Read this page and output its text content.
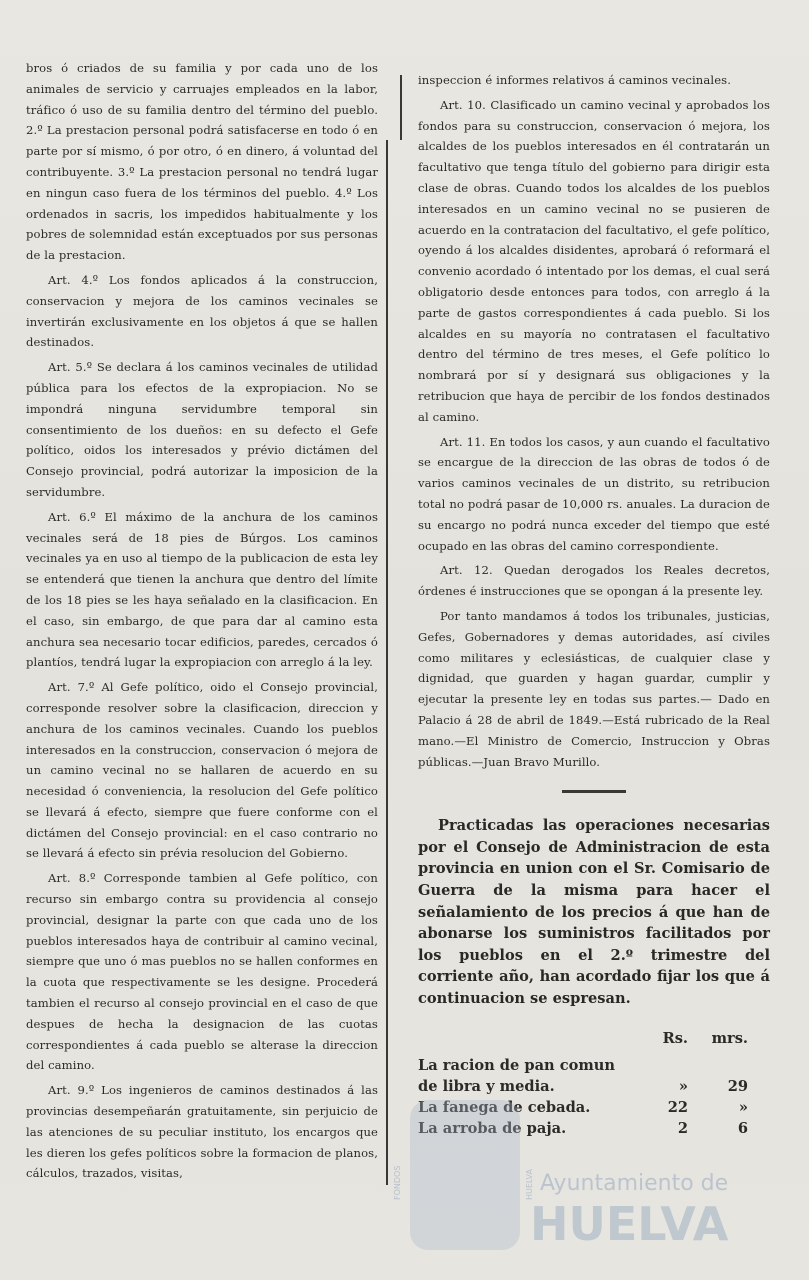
bros ó criados de su familia y por cada uno de los animales de servicio y carruajes empleados en la labor, tráfico ó uso de su familia dentro del término del pueblo. 2.º La prestacion personal podrá satisfacerse en todo ó en parte por sí mismo, ó por otro, ó en dinero, á voluntad del contribuyente. 3.º La prestacion personal no tendrá lugar en ningun caso fuera de los términos del pueblo. 4.º Los ordenados in sacris, los impedidos habitualmente y los pobres de solemnidad están exceptuados por sus personas de la prestacion.

Art. 4.º Los fondos aplicados á la construccion, conservacion y mejora de los caminos vecinales se invertirán exclusivamente en los objetos á que se hallen destinados.

Art. 5.º Se declara á los caminos vecinales de utilidad pública para los efectos de la expropiacion. No se impondrá ninguna servidumbre temporal sin consentimiento de los dueños: en su defecto el Gefe político, oidos los interesados y prévio dictámen del Consejo provincial, podrá autorizar la imposicion de la servidumbre.

Art. 6.º El máximo de la anchura de los caminos vecinales será de 18 pies de Búrgos. Los caminos vecinales ya en uso al tiempo de la publicacion de esta ley se entenderá que tienen la anchura que dentro del límite de los 18 pies se les haya señalado en la clasificacion. En el caso, sin embargo, de que para dar al camino esta anchura sea necesario tocar edificios, paredes, cercados ó plantíos, tendrá lugar la expropiacion con arreglo á la ley.

Art. 7.º Al Gefe político, oido el Consejo provincial, corresponde resolver sobre la clasificacion, direccion y anchura de los caminos vecinales. Cuando los pueblos interesados en la construccion, conservacion ó mejora de un camino vecinal no se hallaren de acuerdo en su necesidad ó conveniencia, la resolucion del Gefe político se llevará á efecto, siempre que fuere conforme con el dictámen del Consejo provincial: en el caso contrario no se llevará á efecto sin prévia resolucion del Gobierno.

Art. 8.º Corresponde tambien al Gefe político, con recurso sin embargo contra su providencia al consejo provincial, designar la parte con que cada uno de los pueblos interesados haya de contribuir al camino vecinal, siempre que uno ó mas pueblos no se hallen conformes en la cuota que respectivamente se les designe. Procederá tambien el recurso al consejo provincial en el caso de que despues de hecha la designacion de las cuotas correspondientes á cada pueblo se alterase la direccion del camino.

Art. 9.º Los ingenieros de caminos destinados á las provincias desempeñarán gratuitamente, sin perjuicio de las atenciones de su peculiar instituto, los encargos que les dieren los gefes políticos sobre la formacion de planos, cálculos, trazados, visitas,

inspeccion é informes relativos á caminos vecinales.

Art. 10. Clasificado un camino vecinal y aprobados los fondos para su construccion, conservacion ó mejora, los alcaldes de los pueblos interesados en él contratarán un facultativo que tenga título del gobierno para dirigir esta clase de obras. Cuando todos los alcaldes de los pueblos interesados en un camino vecinal no se pusieren de acuerdo en la contratacion del facultativo, el gefe político, oyendo á los alcaldes disidentes, aprobará ó reformará el convenio acordado ó intentado por los demas, el cual será obligatorio desde entonces para todos, con arreglo á la parte de gastos correspondientes á cada pueblo. Si los alcaldes en su mayoría no contratasen el facultativo dentro del término de tres meses, el Gefe político lo nombrará por sí y designará sus obligaciones y la retribucion que haya de percibir de los fondos destinados al camino.

Art. 11. En todos los casos, y aun cuando el facultativo se encargue de la direccion de las obras de todos ó de varios caminos vecinales de un distrito, su retribucion total no podrá pasar de 10,000 rs. anuales. La duracion de su encargo no podrá nunca exceder del tiempo que esté ocupado en las obras del camino correspondiente.

Art. 12. Quedan derogados los Reales decretos, órdenes é instrucciones que se opongan á la presente ley.

Por tanto mandamos á todos los tribunales, justicias, Gefes, Gobernadores y demas autoridades, así civiles como militares y eclesiásticas, de cualquier clase y dignidad, que guarden y hagan guardar, cumplir y ejecutar la presente ley en todas sus partes.— Dado en Palacio á 28 de abril de 1849.—Está rubricado de la Real mano.—El Ministro de Comercio, Instruccion y Obras públicas.—Juan Bravo Murillo.

Practicadas las operaciones necesarias por el Consejo de Administracion de esta provincia en union con el Sr. Comisario de Guerra de la misma para hacer el señalamiento de los precios á que han de abonarse los suministros facilitados por los pueblos en el 2.º trimestre del corriente año, han acordado fijar los que á continuacion se espresan.

	Rs.	mrs.
La racion de pan comun de libra y media.	»	29
La fanega de cebada.	22	»
La arroba de paja.	2	6
FONDOS	HUELVA Ayuntamiento de
HUELVA
